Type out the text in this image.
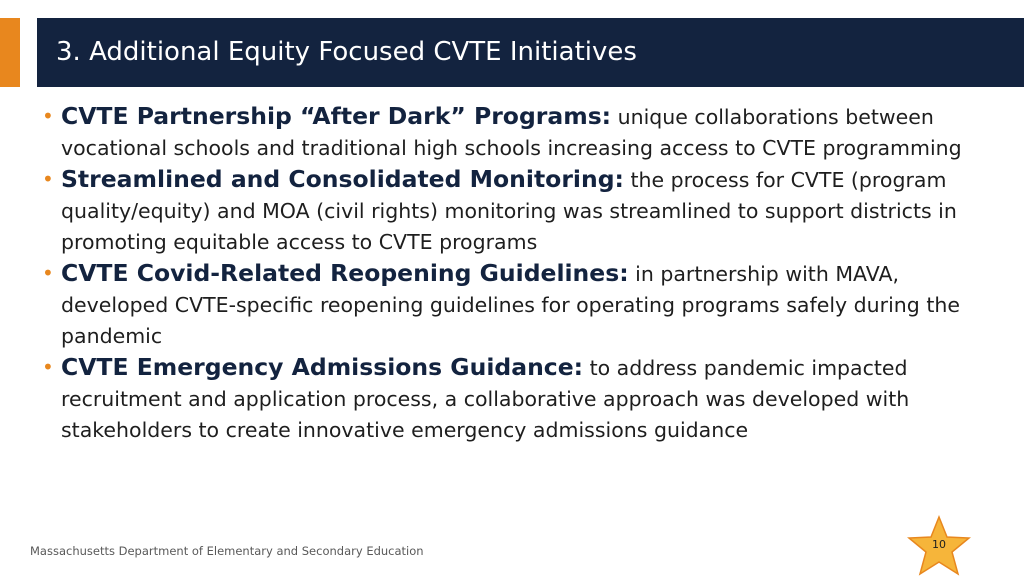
3. Additional Equity Focused CVTE Initiatives
• CVTE Partnership “After Dark” Programs: unique collaborations between vocational schools and traditional high schools increasing access to CVTE programming
• Streamlined and Consolidated Monitoring: the process for CVTE (program quality/equity) and MOA (civil rights) monitoring was streamlined to support districts in promoting equitable access to CVTE programs
• CVTE Covid-Related Reopening Guidelines: in partnership with MAVA, developed CVTE-specific reopening guidelines for operating programs safely during the pandemic
• CVTE Emergency Admissions Guidance: to address pandemic impacted recruitment and application process, a collaborative approach was developed with stakeholders to create innovative emergency admissions guidance
Massachusetts Department of Elementary and Secondary Education	10
